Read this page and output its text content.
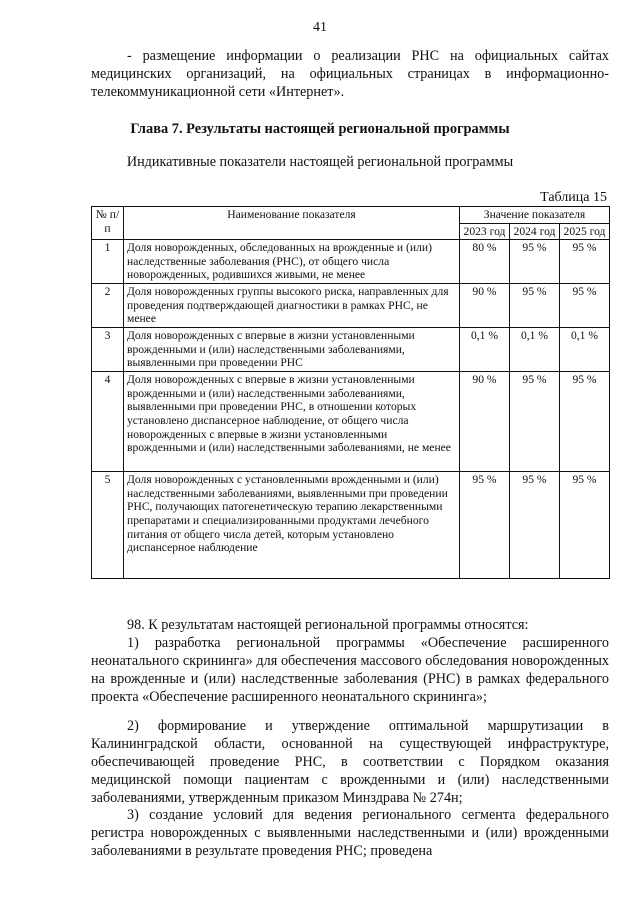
41

- размещение информации о реализации РНС на официальных сайтах медицинских организаций, на официальных страницах в информационно-телекоммуникационной сети «Интернет».

Глава 7. Результаты настоящей региональной программы
Индикативные показатели настоящей региональной программы
Таблица 15
№ п/п	Наименование показателя	Значение показателя		
		2023 год	2024 год	2025 год
1	Доля новорожденных, обследованных на врожденные и (или) наследственные заболевания (РНС), от общего числа новорожденных, родившихся живыми, не менее	80 %	95 %	95 %
2	Доля новорожденных группы высокого риска, направленных для проведения подтверждающей диагностики в рамках РНС, не менее	90 %	95 %	95 %
3	Доля новорожденных с впервые в жизни установленными врожденными и (или) наследственными заболеваниями, выявленными при проведении РНС	0,1 %	0,1 %	0,1 %
4	Доля новорожденных с впервые в жизни установленными врожденными и (или) наследственными заболеваниями, выявленными при проведении РНС, в отношении которых установлено диспансерное наблюдение, от общего числа новорожденных с впервые в жизни установленными врожденными и (или) наследственными заболеваниями, не менее	90 %	95 %	95 %
5	Доля новорожденных с установленными врожденными и (или) наследственными заболеваниями, выявленными при проведении РНС, получающих патогенетическую терапию лекарственными препаратами и специализированными продуктами лечебного питания от общего числа детей, которым установлено диспансерное наблюдение	95 %	95 %	95 %

98. К результатам настоящей региональной программы относятся:

1) разработка региональной программы «Обеспечение расширенного неонатального скрининга» для обеспечения массового обследования новорожденных на врожденные и (или) наследственные заболевания (РНС) в рамках федерального проекта «Обеспечение расширенного неонатального скрининга»;

2) формирование и утверждение оптимальной маршрутизации в Калининградской области, основанной на существующей инфраструктуре, обеспечивающей проведение РНС, в соответствии с Порядком оказания медицинской помощи пациентам с врожденными и (или) наследственными заболеваниями, утвержденным приказом Минздрава № 274н;

3) создание условий для ведения регионального сегмента федерального регистра новорожденных с выявленными наследственными и (или) врожденными заболеваниями в результате проведения РНС; проведена
